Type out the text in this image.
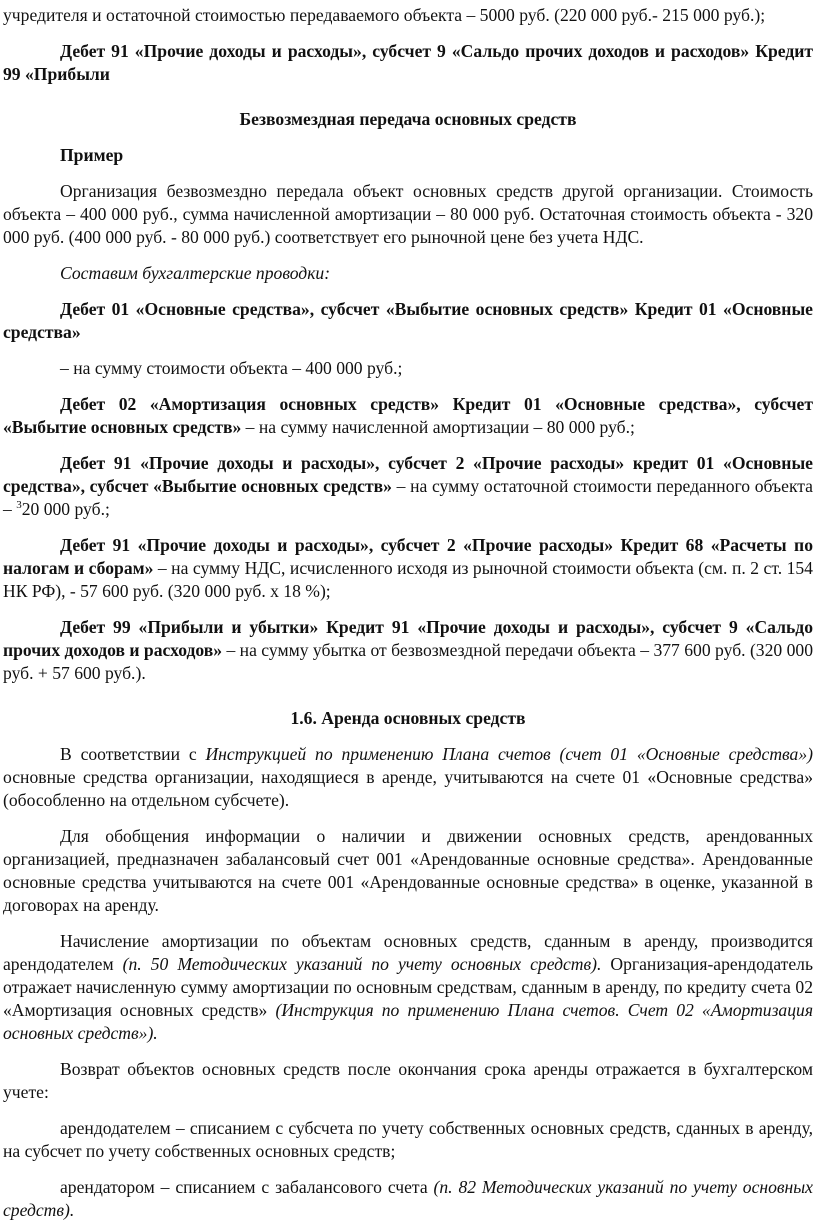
учредителя и остаточной стоимостью передаваемого объекта – 5000 руб. (220 000 руб.- 215 000 руб.);

Дебет 91 «Прочие доходы и расходы», субсчет 9 «Сальдо прочих доходов и расходов» Кредит 99 «Прибыли

Безвозмездная передача основных средств

Пример

Организация безвозмездно передала объект основных средств другой организации. Стоимость объекта – 400 000 руб., сумма начисленной амортизации – 80 000 руб. Остаточная стоимость объекта - 320 000 руб. (400 000 руб. - 80 000 руб.) соответствует его рыночной цене без учета НДС.

Составим бухгалтерские проводки:

Дебет 01 «Основные средства», субсчет «Выбытие основных средств» Кредит 01 «Основные средства»

– на сумму стоимости объекта – 400 000 руб.;

Дебет 02 «Амортизация основных средств» Кредит 01 «Основные средства», субсчет «Выбытие основных средств» – на сумму начисленной амортизации – 80 000 руб.;

Дебет 91 «Прочие доходы и расходы», субсчет 2 «Прочие расходы» кредит 01 «Основные средства», субсчет «Выбытие основных средств» – на сумму остаточной стоимости переданного объекта – $^3$20 000 руб.;

Дебет 91 «Прочие доходы и расходы», субсчет 2 «Прочие расходы» Кредит 68 «Расчеты по налогам и сборам» – на сумму НДС, исчисленного исходя из рыночной стоимости объекта (см. п. 2 ст. 154 НК РФ), - 57 600 руб. (320 000 руб. х 18 %);

Дебет 99 «Прибыли и убытки» Кредит 91 «Прочие доходы и расходы», субсчет 9 «Сальдо прочих доходов и расходов» – на сумму убытка от безвозмездной передачи объекта – 377 600 руб. (320 000 руб. + 57 600 руб.).

1.6. Аренда основных средств

В соответствии с Инструкцией по применению Плана счетов (счет 01 «Основные средства») основные средства организации, находящиеся в аренде, учитываются на счете 01 «Основные средства» (обособленно на отдельном субсчете).

Для обобщения информации о наличии и движении основных средств, арендованных организацией, предназначен забалансовый счет 001 «Арендованные основные средства». Арендованные основные средства учитываются на счете 001 «Арендованные основные средства» в оценке, указанной в договорах на аренду.

Начисление амортизации по объектам основных средств, сданным в аренду, производится арендодателем (п. 50 Методических указаний по учету основных средств). Организация-арендодатель отражает начисленную сумму амортизации по основным средствам, сданным в аренду, по кредиту счета 02 «Амортизация основных средств» (Инструкция по применению Плана счетов. Счет 02 «Амортизация основных средств»).

Возврат объектов основных средств после окончания срока аренды отражается в бухгалтерском учете:

арендодателем – списанием с субсчета по учету собственных основных средств, сданных в аренду, на субсчет по учету собственных основных средств;

арендатором – списанием с забалансового счета (п. 82 Методических указаний по учету основных средств).
